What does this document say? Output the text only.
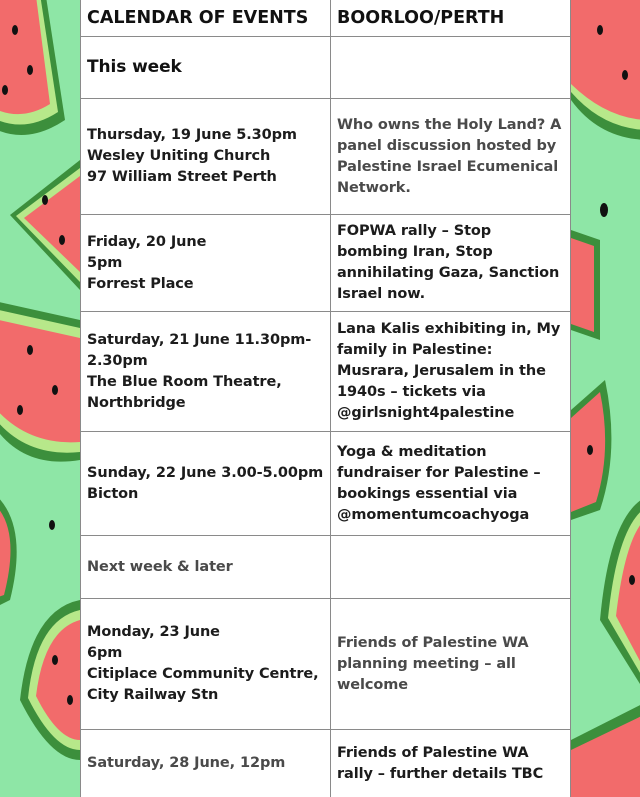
CALENDAR OF EVENTS BOORLOO/PERTH
This week
Thursday, 19 June 5.30pm
Wesley Uniting Church
97 William Street Perth
Who owns the Holy Land? A panel discussion hosted by Palestine Israel Ecumenical Network.
Friday, 20 June
5pm
Forrest Place
FOPWA rally – Stop bombing Iran, Stop annihilating Gaza, Sanction Israel now.
Saturday, 21 June 11.30pm-
2.30pm
The Blue Room Theatre,
Northbridge
Lana Kalis exhibiting in, My family in Palestine: Musrara, Jerusalem in the 1940s – tickets via
@girlsnight4palestine
Sunday, 22 June 3.00-5.00pm
Bicton
Yoga & meditation fundraiser for Palestine – bookings essential via
@momentumcoachyoga
Next week & later
Monday, 23 June
6pm
Citiplace Community Centre,
City Railway Stn
Friends of Palestine WA planning meeting – all welcome
Saturday, 28 June, 12pm
Friends of Palestine WA rally – further details TBC
